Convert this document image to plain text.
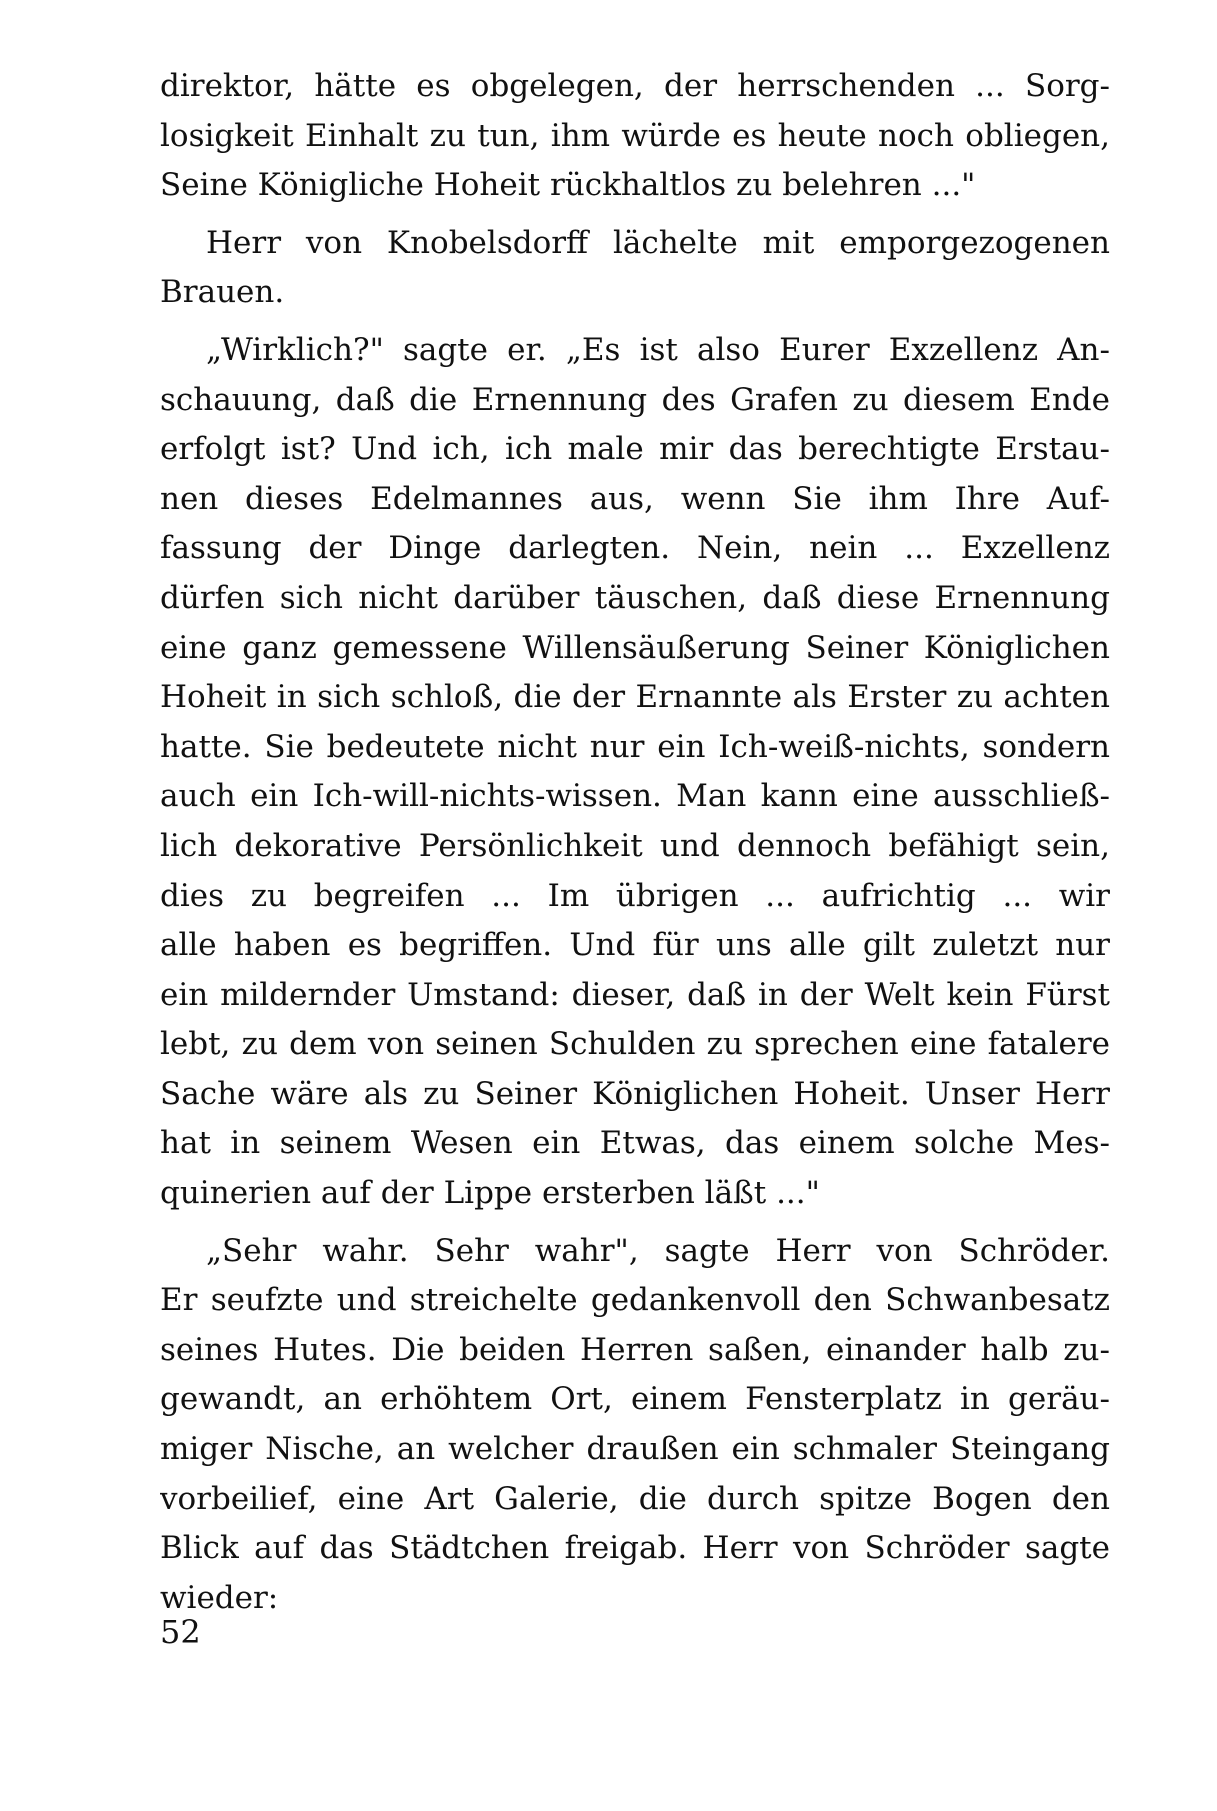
direktor, hätte es obgelegen, der herrschenden ... Sorg-
losigkeit Einhalt zu tun, ihm würde es heute noch obliegen,
Seine Königliche Hoheit rückhaltlos zu belehren ..."
Herr von Knobelsdorff lächelte mit emporgezogenen
Brauen.
„Wirklich?" sagte er. „Es ist also Eurer Exzellenz An-
schauung, daß die Ernennung des Grafen zu diesem Ende
erfolgt ist? Und ich, ich male mir das berechtigte Erstau-
nen dieses Edelmannes aus, wenn Sie ihm Ihre Auf-
fassung der Dinge darlegten. Nein, nein ... Exzellenz
dürfen sich nicht darüber täuschen, daß diese Ernennung
eine ganz gemessene Willensäußerung Seiner Königlichen
Hoheit in sich schloß, die der Ernannte als Erster zu achten
hatte. Sie bedeutete nicht nur ein Ich-weiß-nichts, sondern
auch ein Ich-will-nichts-wissen. Man kann eine ausschließ-
lich dekorative Persönlichkeit und dennoch befähigt sein,
dies zu begreifen ... Im übrigen ... aufrichtig ... wir
alle haben es begriffen. Und für uns alle gilt zuletzt nur
ein mildernder Umstand: dieser, daß in der Welt kein Fürst
lebt, zu dem von seinen Schulden zu sprechen eine fatalere
Sache wäre als zu Seiner Königlichen Hoheit. Unser Herr
hat in seinem Wesen ein Etwas, das einem solche Mes-
quinerien auf der Lippe ersterben läßt ..."
„Sehr wahr. Sehr wahr", sagte Herr von Schröder.
Er seufzte und streichelte gedankenvoll den Schwanbesatz
seines Hutes. Die beiden Herren saßen, einander halb zu-
gewandt, an erhöhtem Ort, einem Fensterplatz in geräu-
miger Nische, an welcher draußen ein schmaler Steingang
vorbeilief, eine Art Galerie, die durch spitze Bogen den
Blick auf das Städtchen freigab. Herr von Schröder sagte
wieder:
52
